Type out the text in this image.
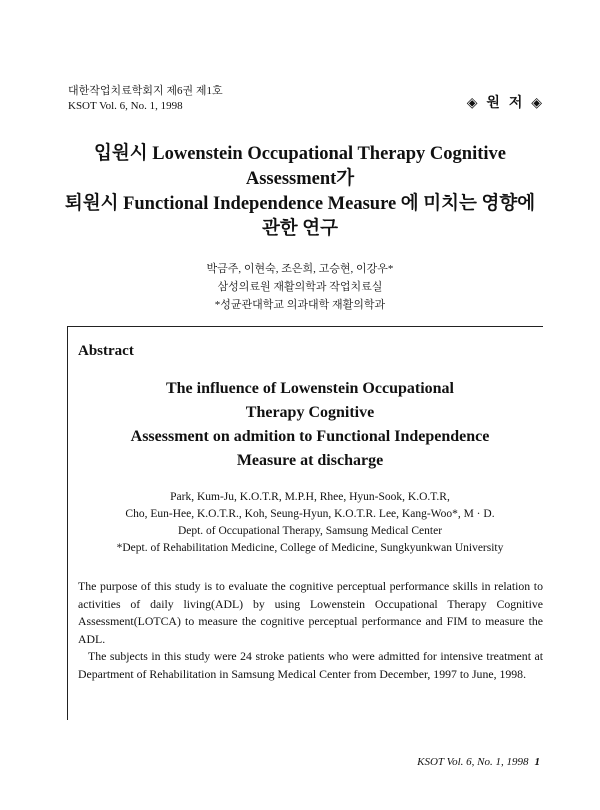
대한작업치료학회지 제6권 제1호
KSOT Vol. 6, No. 1, 1998	◈ 원 저 ◈
입원시 Lowenstein Occupational Therapy Cognitive
Assessment가
퇴원시 Functional Independence Measure 에 미치는 영향에
관한 연구
박금주, 이현숙, 조은희, 고승현, 이강우*
삼성의료원 재활의학과 작업치료실
*성균관대학교 의과대학 재활의학과
Abstract
The influence of Lowenstein Occupational
Therapy Cognitive
Assessment on admition to Functional Independence
Measure at discharge
Park, Kum-Ju, K.O.T.R, M.P.H, Rhee, Hyun-Sook, K.O.T.R,
Cho, Eun-Hee, K.O.T.R., Koh, Seung-Hyun, K.O.T.R. Lee, Kang-Woo*, M · D.
Dept. of Occupational Therapy, Samsung Medical Center
*Dept. of Rehabilitation Medicine, College of Medicine, Sungkyunkwan University

The purpose of this study is to evaluate the cognitive perceptual performance skills in relation to activities of daily living(ADL) by using Lowenstein Occupational Therapy Cognitive Assessment(LOTCA) to measure the cognitive perceptual performance and FIM to measure the ADL.

The subjects in this study were 24 stroke patients who were admitted for intensive treatment at Department of Rehabilitation in Samsung Medical Center from December, 1997 to June, 1998.

KSOT Vol. 6, No. 1, 1998 1
